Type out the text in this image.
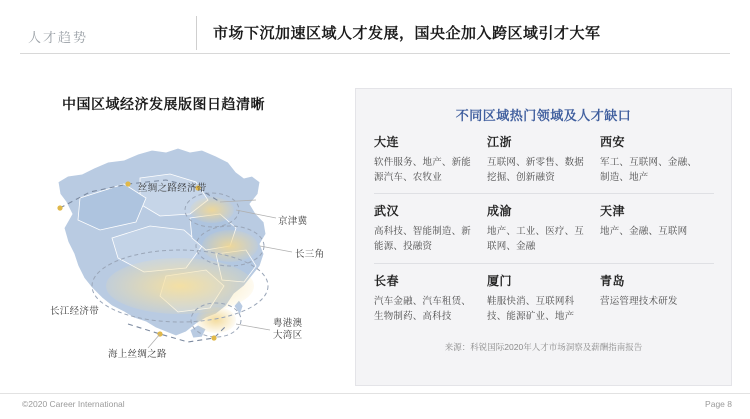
人才趋势	市场下沉加速区域人才发展，国央企加入跨区域引才大军
中国区域经济发展版图日趋清晰
丝绸之路经济带
京津冀
长三角
长江经济带
粤港澳
大湾区
海上丝绸之路
不同区域热门领域及人才缺口
大连
软件服务、地产、新能源汽车、农牧业
江浙
互联网、新零售、数据挖掘、创新融资
西安
军工、互联网、金融、制造、地产
武汉
高科技、智能制造、新能源、投融资
成渝
地产、工业、医疗、互联网、金融
天津
地产、金融、互联网
长春
汽车金融、汽车租赁、生物制药、高科技
厦门
鞋服快消、互联网科技、能源矿业、地产
青岛
营运管理技术研发
来源：科锐国际2020年人才市场洞察及薪酬指南报告
©2020 Career International	Page 8
